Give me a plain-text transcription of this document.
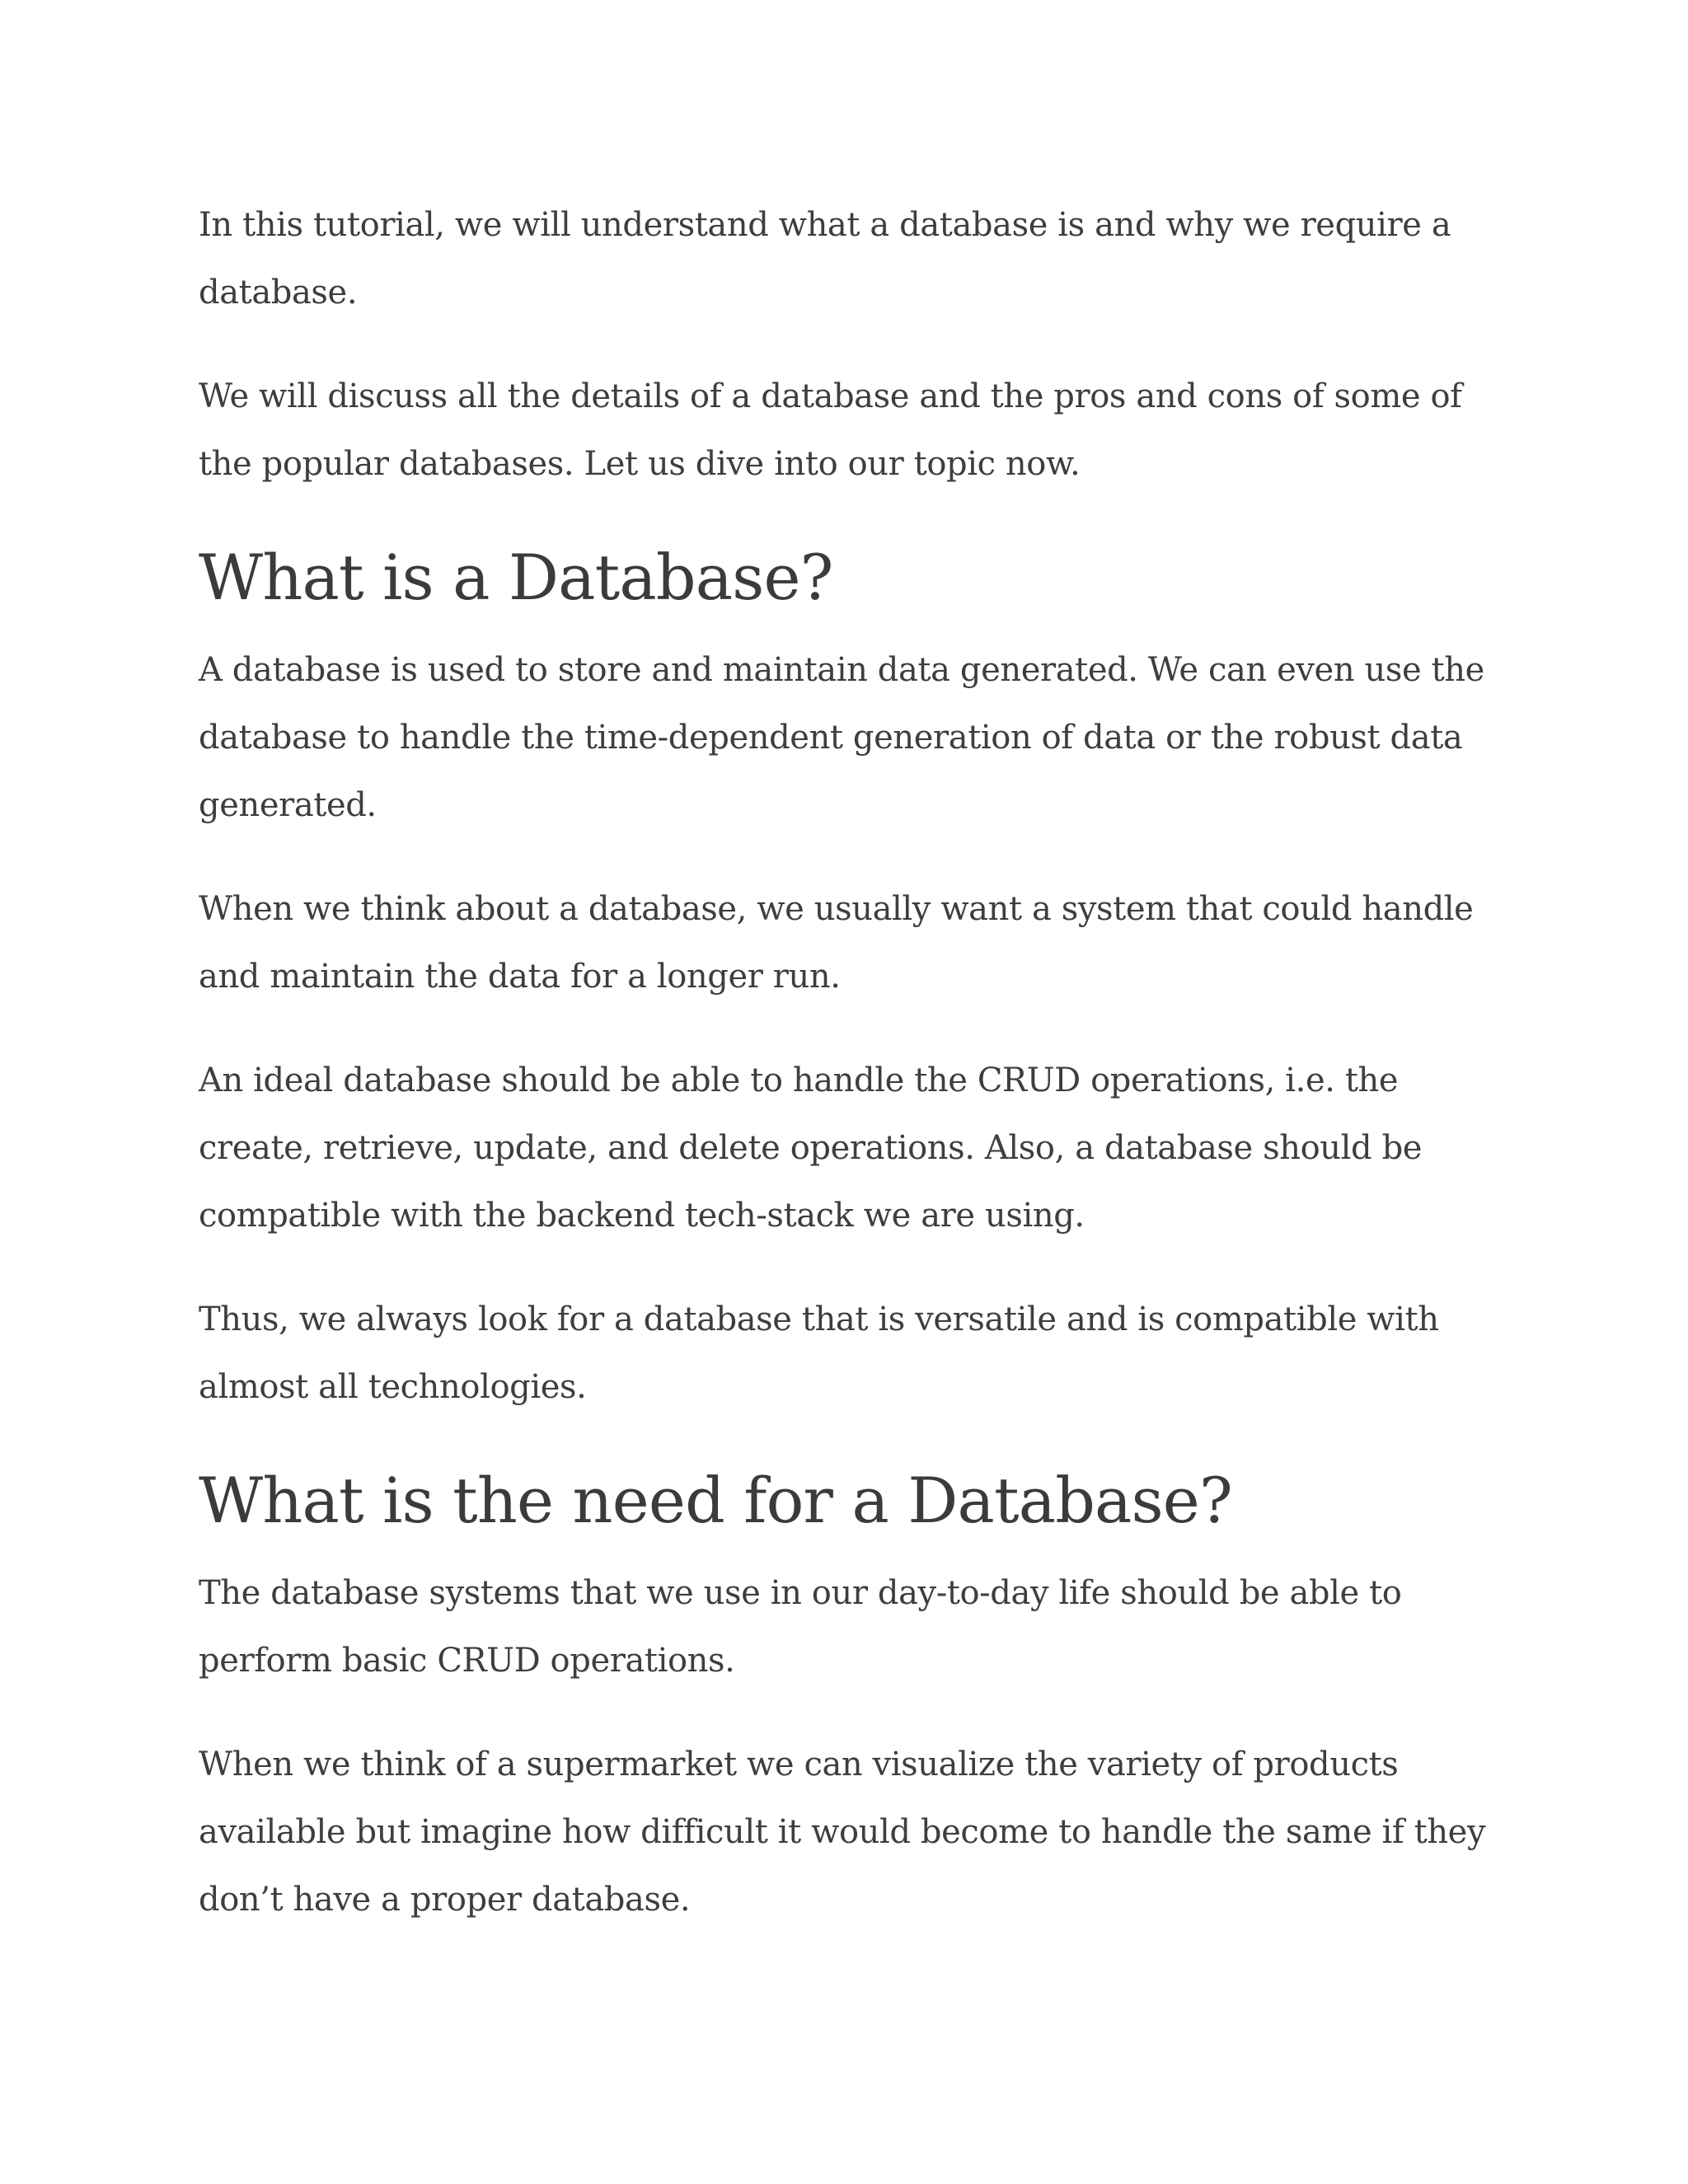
In this tutorial, we will understand what a database is and why we require a database.

We will discuss all the details of a database and the pros and cons of some of the popular databases. Let us dive into our topic now.

What is a Database?

A database is used to store and maintain data generated. We can even use the database to handle the time-dependent generation of data or the robust data generated.

When we think about a database, we usually want a system that could handle and maintain the data for a longer run.

An ideal database should be able to handle the CRUD operations, i.e. the create, retrieve, update, and delete operations. Also, a database should be compatible with the backend tech-stack we are using.

Thus, we always look for a database that is versatile and is compatible with almost all technologies.

What is the need for a Database?

The database systems that we use in our day-to-day life should be able to perform basic CRUD operations.

When we think of a supermarket we can visualize the variety of products available but imagine how difficult it would become to handle the same if they don’t have a proper database.
